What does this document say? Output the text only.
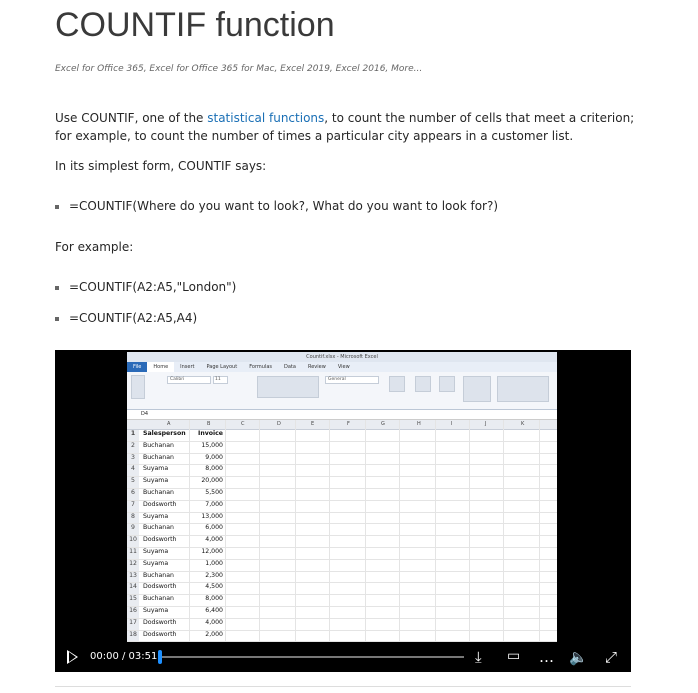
COUNTIF function
Excel for Office 365, Excel for Office 365 for Mac, Excel 2019, Excel 2016, More...

Use COUNTIF, one of the statistical functions, to count the number of cells that meet a criterion; for example, to count the number of times a particular city appears in a customer list.

In its simplest form, COUNTIF says:

=COUNTIF(Where do you want to look?, What do you want to look for?)

For example:

=COUNTIF(A2:A5,"London")
=COUNTIF(A2:A5,A4)
Countif.xlsx - Microsoft Excel
File Home Insert Page Layout Formulas Data Review View
Calibri	11	General
D4
A	B	C	D	E	F	G	H	I	J	K
1	Salesperson	Invoice
2	Buchanan	15,000
3	Buchanan	9,000
4	Suyama	8,000
5	Suyama	20,000
6	Buchanan	5,500
7	Dodsworth	7,000
8	Suyama	13,000
9	Buchanan	6,000
10 Dodsworth	4,000
11 Suyama	12,000
12 Suyama	1,000
13 Buchanan	2,300
14 Dodsworth	4,500
15 Buchanan	8,000
16 Suyama	6,400
17 Dodsworth	4,000
18 Dodsworth	2,000
00:00 / 03:51	⤓ ▭ … 🔈 ⤢
